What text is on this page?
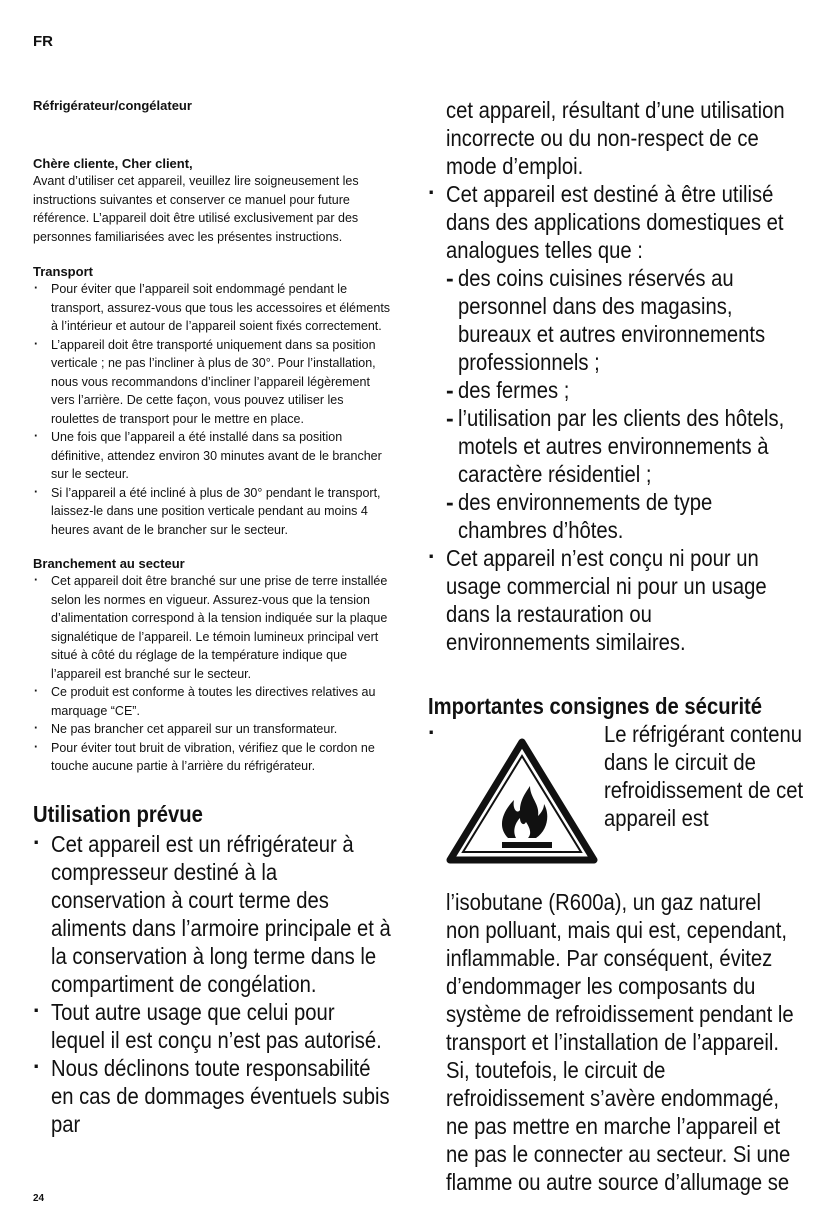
FR

Réfrigérateur/congélateur

Chère cliente, Cher client,

Avant d’utiliser cet appareil, veuillez lire soigneusement les instructions suivantes et conserver ce manuel pour future référence. L’appareil doit être utilisé exclusivement par des personnes familiarisées avec les présentes instructions.

Transport

· Pour éviter que l’appareil soit endommagé pendant le transport, assurez-vous que tous les accessoires et éléments à l’intérieur et autour de l’appareil soient fixés correctement.
· L’appareil doit être transporté uniquement dans sa position verticale ; ne pas l’incliner à plus de 30°. Pour l’installation, nous vous recommandons d’incliner l’appareil légèrement vers l’arrière. De cette façon, vous pouvez utiliser les roulettes de transport pour le mettre en place.
· Une fois que l’appareil a été installé dans sa position définitive, attendez environ 30 minutes avant de le brancher sur le secteur.
· Si l’appareil a été incliné à plus de 30° pendant le transport, laissez-le dans une position verticale pendant au moins 4 heures avant de le brancher sur le secteur.

Branchement au secteur

· Cet appareil doit être branché sur une prise de terre installée selon les normes en vigueur. Assurez-vous que la tension d’alimentation correspond à la tension indiquée sur la plaque signalétique de l’appareil. Le témoin lumineux principal vert situé à côté du réglage de la température indique que l’appareil est branché sur le secteur.
· Ce produit est conforme à toutes les directives relatives au marquage “CE”.
· Ne pas brancher cet appareil sur un transformateur.
· Pour éviter tout bruit de vibration, vérifiez que le cordon ne touche aucune partie à l’arrière du réfrigérateur.

Utilisation prévue

· Cet appareil est un réfrigérateur à compresseur destiné à la conservation à court terme des aliments dans l’armoire principale et à la conservation à long terme dans le compartiment de congélation.
· Tout autre usage que celui pour lequel il est conçu n’est pas autorisé.
· Nous déclinons toute responsabilité en cas de dommages éventuels subis par
cet appareil, résultant d’une utilisation incorrecte ou du non-respect de ce mode d’emploi.
· Cet appareil est destiné à être utilisé dans des applications domestiques et analogues telles que :
- des coins cuisines réservés au personnel dans des magasins, bureaux et autres environnements professionnels ;
- des fermes ;
- l’utilisation par les clients des hôtels, motels et autres environnements à caractère résidentiel ;
- des environnements de type chambres d’hôtes.
· Cet appareil n’est conçu ni pour un usage commercial ni pour un usage dans la restauration ou environnements similaires.

Importantes consignes de sécurité

·	Le réfrigérant contenu dans le circuit de refroidissement de cet appareil est
l’isobutane (R600a), un gaz naturel non polluant, mais qui est, cependant, inflammable. Par conséquent, évitez d’endommager les composants du système de refroidissement pendant le transport et l’installation de l’appareil. Si, toutefois, le circuit de refroidissement s’avère endommagé, ne pas mettre en marche l’appareil et ne pas le connecter au secteur. Si une flamme ou autre source d’allumage se
24
